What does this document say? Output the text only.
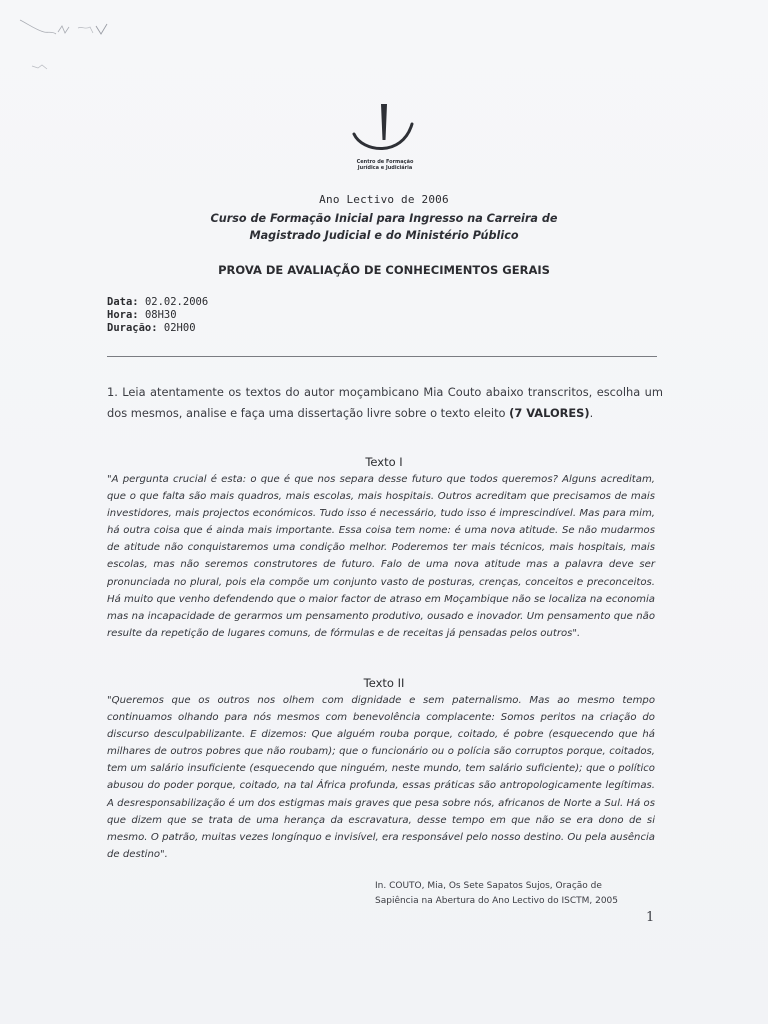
Centro de Formação
Jurídica e Judiciária
Ano Lectivo de 2006
Curso de Formação Inicial para Ingresso na Carreira de
Magistrado Judicial e do Ministério Público
PROVA DE AVALIAÇÃO DE CONHECIMENTOS GERAIS
Data: 02.02.2006
Hora: 08H30
Duração: 02H00
1. Leia atentamente os textos do autor moçambicano Mia Couto abaixo transcritos, escolha um dos mesmos, analise e faça uma dissertação livre sobre o texto eleito (7 VALORES).
Texto I
"A pergunta crucial é esta: o que é que nos separa desse futuro que todos queremos? Alguns acreditam, que o que falta são mais quadros, mais escolas, mais hospitais. Outros acreditam que precisamos de mais investidores, mais projectos económicos. Tudo isso é necessário, tudo isso é imprescindível. Mas para mim, há outra coisa que é ainda mais importante. Essa coisa tem nome: é uma nova atitude. Se não mudarmos de atitude não conquistaremos uma condição melhor. Poderemos ter mais técnicos, mais hospitais, mais escolas, mas não seremos construtores de futuro. Falo de uma nova atitude mas a palavra deve ser pronunciada no plural, pois ela compõe um conjunto vasto de posturas, crenças, conceitos e preconceitos. Há muito que venho defendendo que o maior factor de atraso em Moçambique não se localiza na economia mas na incapacidade de gerarmos um pensamento produtivo, ousado e inovador. Um pensamento que não resulte da repetição de lugares comuns, de fórmulas e de receitas já pensadas pelos outros".
Texto II
"Queremos que os outros nos olhem com dignidade e sem paternalismo. Mas ao mesmo tempo continuamos olhando para nós mesmos com benevolência complacente: Somos peritos na criação do discurso desculpabilizante. E dizemos: Que alguém rouba porque, coitado, é pobre (esquecendo que há milhares de outros pobres que não roubam); que o funcionário ou o polícia são corruptos porque, coitados, tem um salário insuficiente (esquecendo que ninguém, neste mundo, tem salário suficiente); que o político abusou do poder porque, coitado, na tal África profunda, essas práticas são antropologicamente legítimas. A desresponsabilização é um dos estigmas mais graves que pesa sobre nós, africanos de Norte a Sul. Há os que dizem que se trata de uma herança da escravatura, desse tempo em que não se era dono de si mesmo. O patrão, muitas vezes longínquo e invisível, era responsável pelo nosso destino. Ou pela ausência de destino".
In. COUTO, Mia, Os Sete Sapatos Sujos, Oração de
Sapiência na Abertura do Ano Lectivo do ISCTM, 2005
1
